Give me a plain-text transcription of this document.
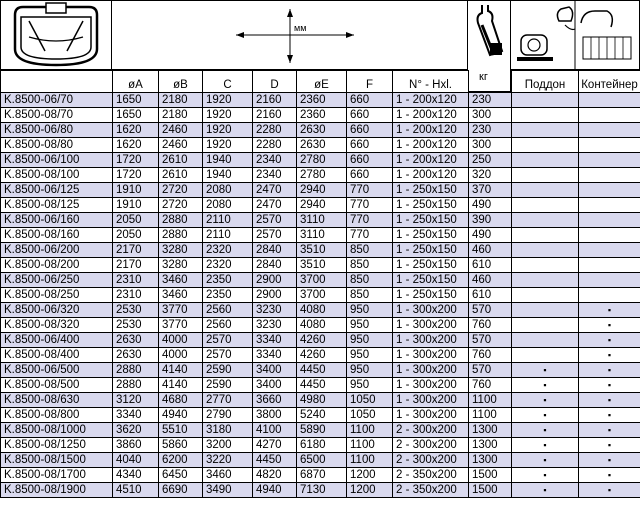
мм
кг
	øA	øB	C	D	øE	F	N° - Hxl.		Поддон	Контейнер
K.8500-06/70	1650	2180	1920	2160	2360	660	1 - 200x120	230		
K.8500-08/70	1650	2180	1920	2160	2360	660	1 - 200x120	300		
K.8500-06/80	1620	2460	1920	2280	2630	660	1 - 200x120	230		
K.8500-08/80	1620	2460	1920	2280	2630	660	1 - 200x120	300		
K.8500-06/100	1720	2610	1940	2340	2780	660	1 - 200x120	250		
K.8500-08/100	1720	2610	1940	2340	2780	660	1 - 200x120	320		
K.8500-06/125	1910	2720	2080	2470	2940	770	1 - 250x150	370		
K.8500-08/125	1910	2720	2080	2470	2940	770	1 - 250x150	490		
K.8500-06/160	2050	2880	2110	2570	3110	770	1 - 250x150	390		
K.8500-08/160	2050	2880	2110	2570	3110	770	1 - 250x150	490		
K.8500-06/200	2170	3280	2320	2840	3510	850	1 - 250x150	460		
K.8500-08/200	2170	3280	2320	2840	3510	850	1 - 250x150	610		
K.8500-06/250	2310	3460	2350	2900	3700	850	1 - 250x150	460		
K.8500-08/250	2310	3460	2350	2900	3700	850	1 - 250x150	610		
K.8500-06/320	2530	3770	2560	3230	4080	950	1 - 300x200	570		▪
K.8500-08/320	2530	3770	2560	3230	4080	950	1 - 300x200	760		▪
K.8500-06/400	2630	4000	2570	3340	4260	950	1 - 300x200	570		▪
K.8500-08/400	2630	4000	2570	3340	4260	950	1 - 300x200	760		▪
K.8500-06/500	2880	4140	2590	3400	4450	950	1 - 300x200	570	▪	▪
K.8500-08/500	2880	4140	2590	3400	4450	950	1 - 300x200	760	▪	▪
K.8500-08/630	3120	4680	2770	3660	4980	1050	1 - 300x200	1100	▪	▪
K.8500-08/800	3340	4940	2790	3800	5240	1050	1 - 300x200	1100	▪	▪
K.8500-08/1000	3620	5510	3180	4100	5890	1100	2 - 300x200	1300	▪	▪
K.8500-08/1250	3860	5860	3200	4270	6180	1100	2 - 300x200	1300	▪	▪
K.8500-08/1500	4040	6200	3220	4450	6500	1100	2 - 300x200	1300	▪	▪
K.8500-08/1700	4340	6450	3460	4820	6870	1200	2 - 350x200	1500	▪	▪
K.8500-08/1900	4510	6690	3490	4940	7130	1200	2 - 350x200	1500	▪	▪
